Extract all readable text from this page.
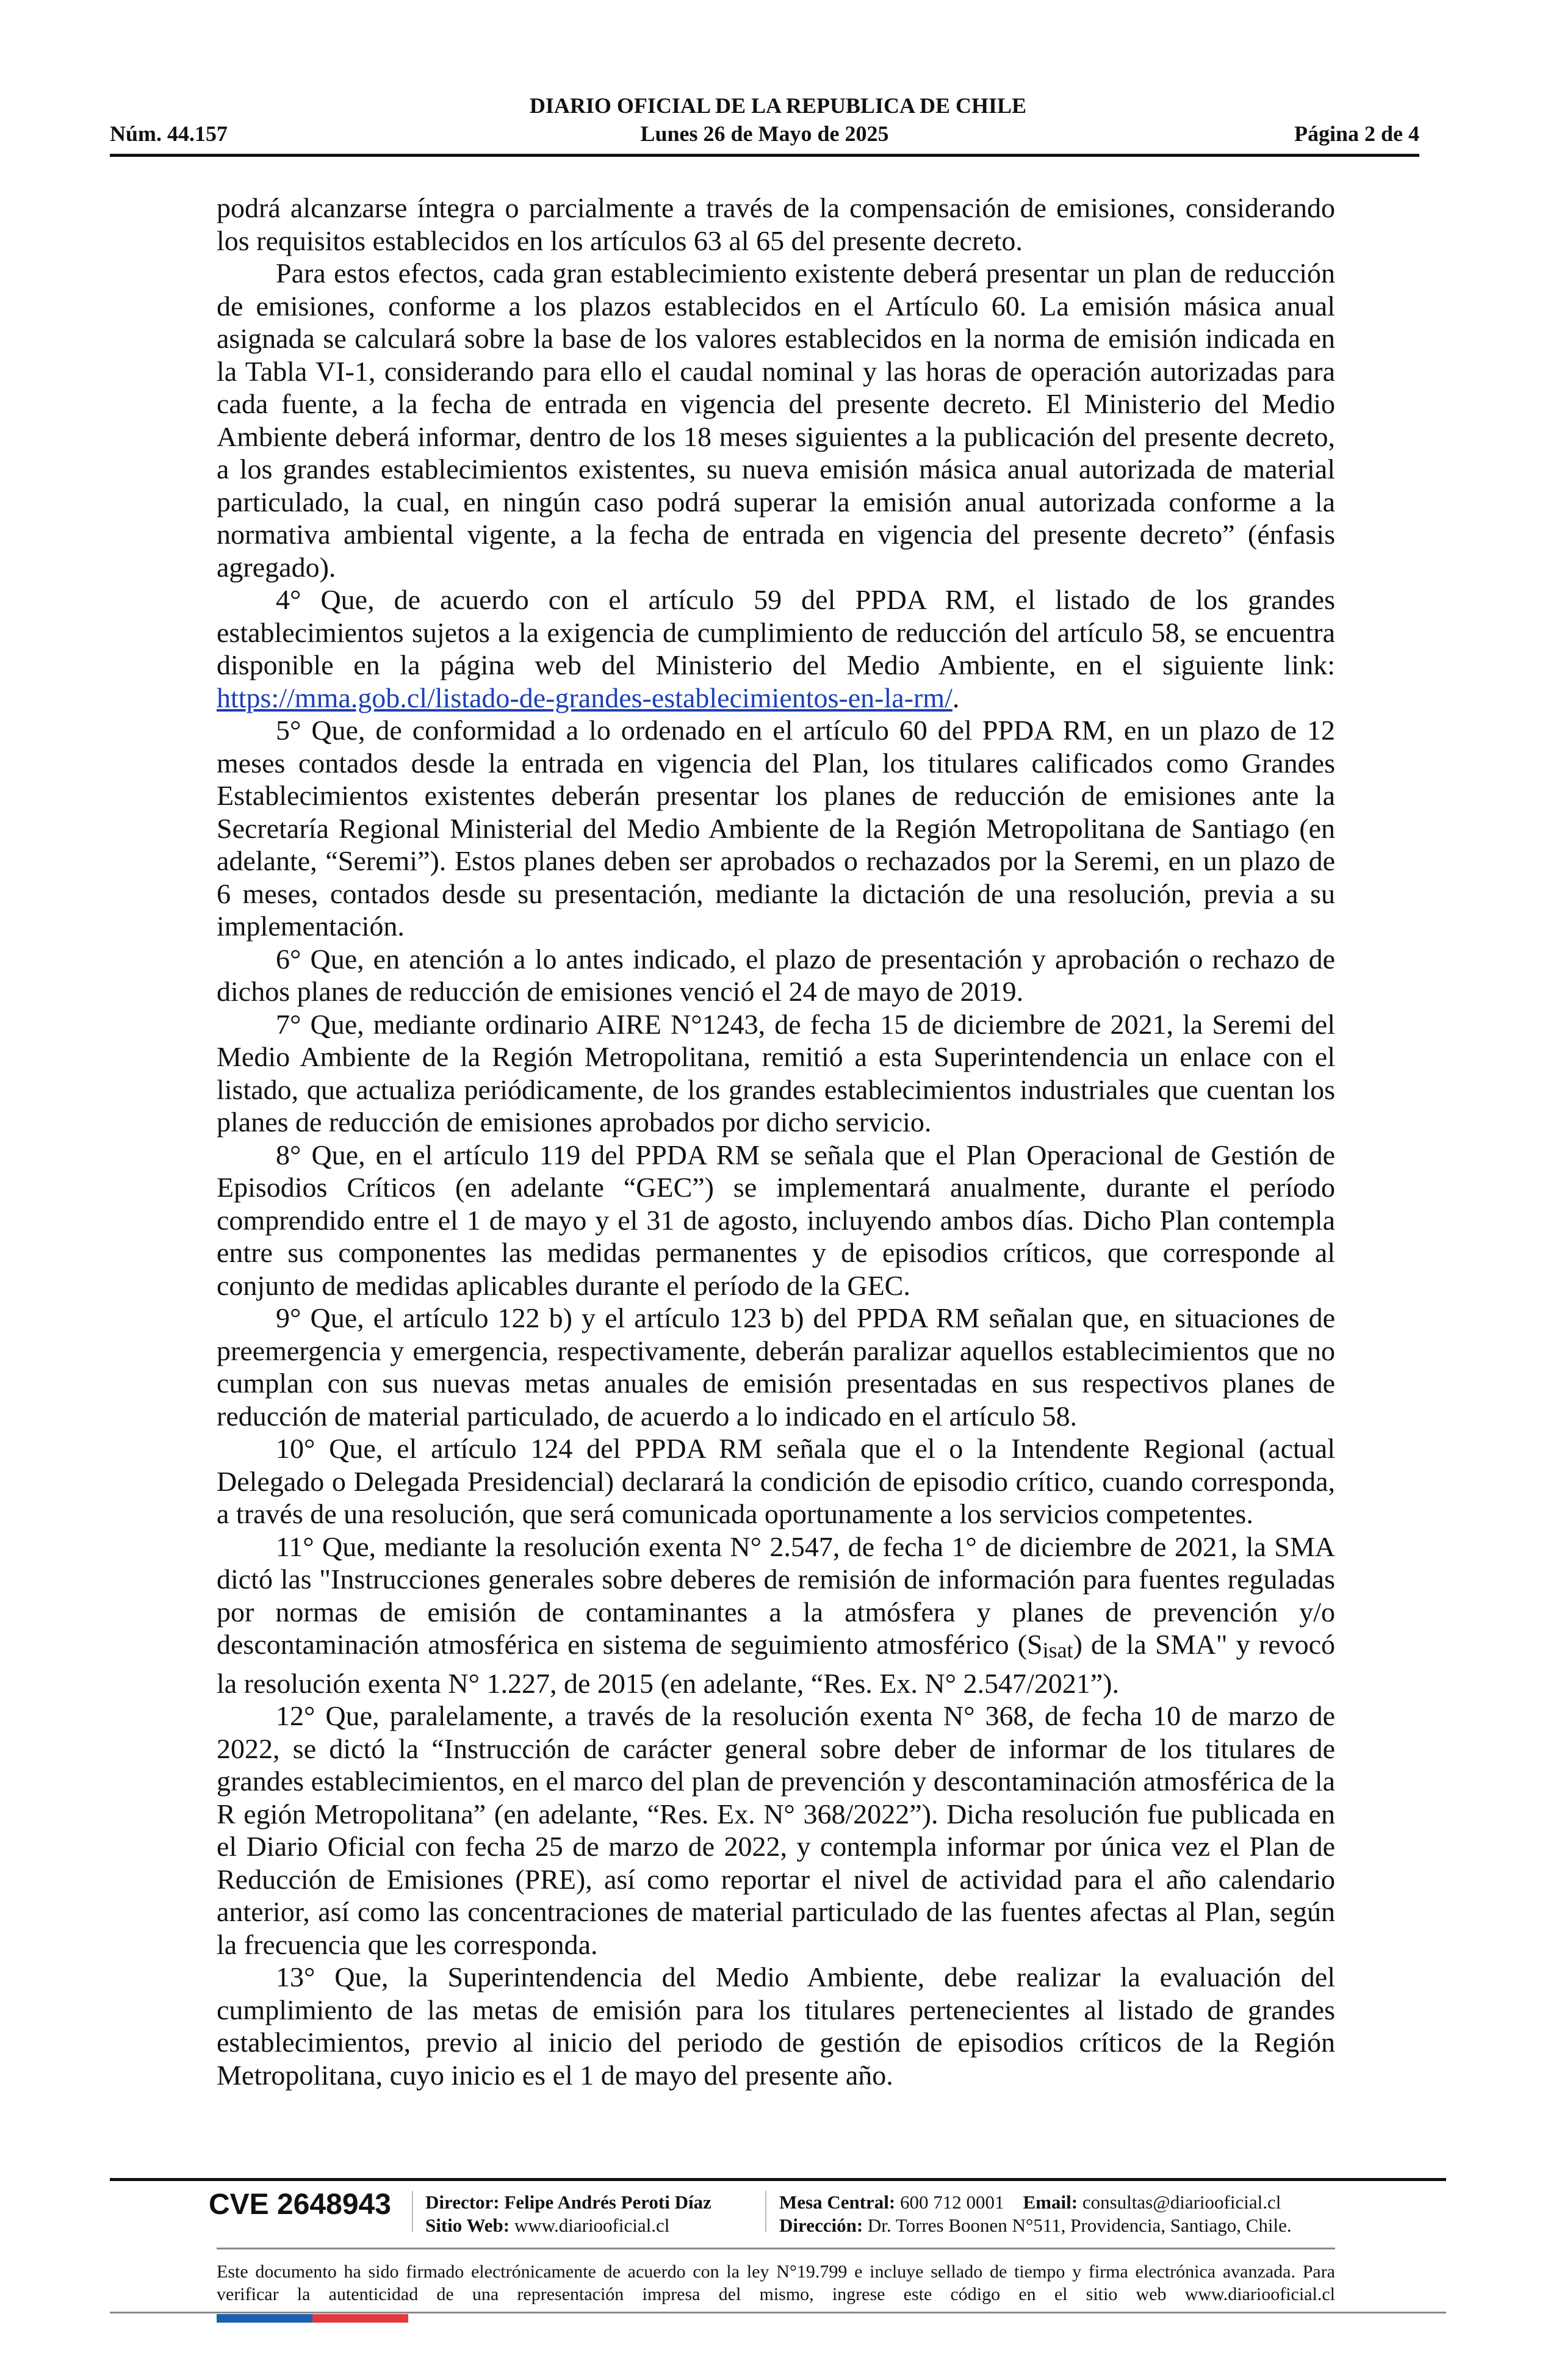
DIARIO OFICIAL DE LA REPUBLICA DE CHILE
Núm. 44.157	Lunes 26 de Mayo de 2025	Página 2 de 4

podrá alcanzarse íntegra o parcialmente a través de la compensación de emisiones, considerando los requisitos establecidos en los artículos 63 al 65 del presente decreto.

Para estos efectos, cada gran establecimiento existente deberá presentar un plan de reducción de emisiones, conforme a los plazos establecidos en el Artículo 60. La emisión másica anual asignada se calculará sobre la base de los valores establecidos en la norma de emisión indicada en la Tabla VI-1, considerando para ello el caudal nominal y las horas de operación autorizadas para cada fuente, a la fecha de entrada en vigencia del presente decreto. El Ministerio del Medio Ambiente deberá informar, dentro de los 18 meses siguientes a la publicación del presente decreto, a los grandes establecimientos existentes, su nueva emisión másica anual autorizada de material particulado, la cual, en ningún caso podrá superar la emisión anual autorizada conforme a la normativa ambiental vigente, a la fecha de entrada en vigencia del presente decreto” (énfasis agregado).

4° Que, de acuerdo con el artículo 59 del PPDA RM, el listado de los grandes establecimientos sujetos a la exigencia de cumplimiento de reducción del artículo 58, se encuentra disponible en la página web del Ministerio del Medio Ambiente, en el siguiente link: https://mma.gob.cl/listado-de-grandes-establecimientos-en-la-rm/.

5° Que, de conformidad a lo ordenado en el artículo 60 del PPDA RM, en un plazo de 12 meses contados desde la entrada en vigencia del Plan, los titulares calificados como Grandes Establecimientos existentes deberán presentar los planes de reducción de emisiones ante la Secretaría Regional Ministerial del Medio Ambiente de la Región Metropolitana de Santiago (en adelante, “Seremi”). Estos planes deben ser aprobados o rechazados por la Seremi, en un plazo de 6 meses, contados desde su presentación, mediante la dictación de una resolución, previa a su implementación.

6° Que, en atención a lo antes indicado, el plazo de presentación y aprobación o rechazo de dichos planes de reducción de emisiones venció el 24 de mayo de 2019.

7° Que, mediante ordinario AIRE N°1243, de fecha 15 de diciembre de 2021, la Seremi del Medio Ambiente de la Región Metropolitana, remitió a esta Superintendencia un enlace con el listado, que actualiza periódicamente, de los grandes establecimientos industriales que cuentan los planes de reducción de emisiones aprobados por dicho servicio.

8° Que, en el artículo 119 del PPDA RM se señala que el Plan Operacional de Gestión de Episodios Críticos (en adelante “GEC”) se implementará anualmente, durante el período comprendido entre el 1 de mayo y el 31 de agosto, incluyendo ambos días. Dicho Plan contempla entre sus componentes las medidas permanentes y de episodios críticos, que corresponde al conjunto de medidas aplicables durante el período de la GEC.

9° Que, el artículo 122 b) y el artículo 123 b) del PPDA RM señalan que, en situaciones de preemergencia y emergencia, respectivamente, deberán paralizar aquellos establecimientos que no cumplan con sus nuevas metas anuales de emisión presentadas en sus respectivos planes de reducción de material particulado, de acuerdo a lo indicado en el artículo 58.

10° Que, el artículo 124 del PPDA RM señala que el o la Intendente Regional (actual Delegado o Delegada Presidencial) declarará la condición de episodio crítico, cuando corresponda, a través de una resolución, que será comunicada oportunamente a los servicios competentes.

11° Que, mediante la resolución exenta N° 2.547, de fecha 1° de diciembre de 2021, la SMA dictó las "Instrucciones generales sobre deberes de remisión de información para fuentes reguladas por normas de emisión de contaminantes a la atmósfera y planes de prevención y/o descontaminación atmosférica en sistema de seguimiento atmosférico $(S_{isat})$ de la SMA" y revocó la resolución exenta N° 1.227, de 2015 (en adelante, “Res. Ex. N° 2.547/2021”).

12° Que, paralelamente, a través de la resolución exenta N° 368, de fecha 10 de marzo de 2022, se dictó la “Instrucción de carácter general sobre deber de informar de los titulares de grandes establecimientos, en el marco del plan de prevención y descontaminación atmosférica de la R egión Metropolitana” (en adelante, “Res. Ex. N° 368/2022”). Dicha resolución fue publicada en el Diario Oficial con fecha 25 de marzo de 2022, y contempla informar por única vez el Plan de Reducción de Emisiones (PRE), así como reportar el nivel de actividad para el año calendario anterior, así como las concentraciones de material particulado de las fuentes afectas al Plan, según la frecuencia que les corresponda.

13° Que, la Superintendencia del Medio Ambiente, debe realizar la evaluación del cumplimiento de las metas de emisión para los titulares pertenecientes al listado de grandes establecimientos, previo al inicio del periodo de gestión de episodios críticos de la Región Metropolitana, cuyo inicio es el 1 de mayo del presente año.

CVE 2648943 Director: Felipe Andrés Peroti Díaz
Sitio Web: www.diariooficial.cl
Mesa Central: 600 712 0001 Email: consultas@diariooficial.cl
Dirección: Dr. Torres Boonen N°511, Providencia, Santiago, Chile.
Este documento ha sido firmado electrónicamente de acuerdo con la ley N°19.799 e incluye sellado de tiempo y firma electrónica avanzada. Para verificar la autenticidad de una representación impresa del mismo, ingrese este código en el sitio web www.diariooficial.cl
